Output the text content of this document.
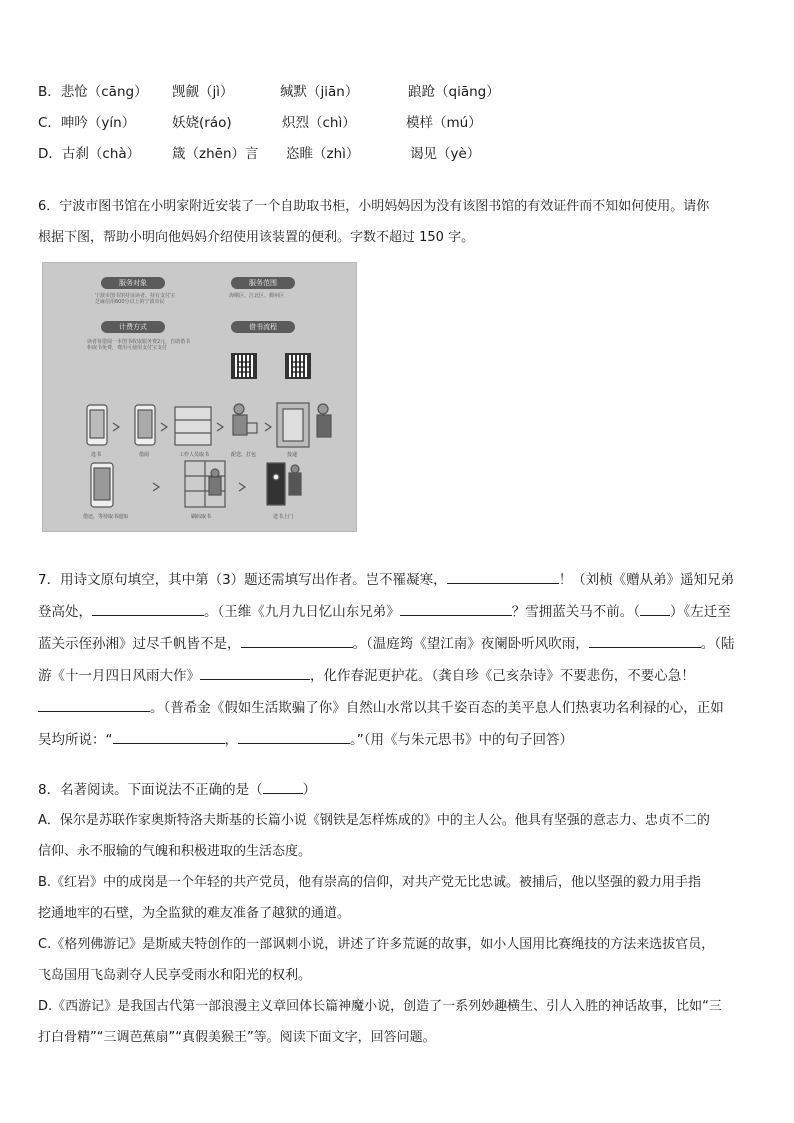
B．悲怆（cāng） 觊觎（jì）	缄默（jiān）	踉跄（qiāng）
C．呻吟（yín）	妖娆(ráo)	炽烈（chì）	模样（mú）
D．古刹（chà） 箴（zhēn）言 恣睢（zhì）	谒见（yè）
6．宁波市图书馆在小明家附近安装了一个自助取书柜，小明妈妈因为没有该图书馆的有效证件而不知如何使用。请你
根据下图，帮助小明向他妈妈介绍使用该装置的便利。字数不超过 150 字。
服务对象	服务范围
宁波市图书馆持证读者、持有支付宝芝麻信用600分以上的宁波市民
海曙区、江北区、鄞州区
计费方式	借书流程
读者每借阅一本图书收取服务费2元，自助借书柜取书免费，费用可使用支付宝支付
选书	借阅	工作人员取书	配送、打包	投递
借还，等待取书通知	刷码取书	送书上门
7．用诗文原句填空，其中第（3）题还需填写出作者。岂不罹凝寒，	！（刘桢《赠从弟》遥知兄弟
登高处，	。（王维《九月九日忆山东兄弟》	？雪拥蓝关马不前。（ ）《左迁至
蓝关示侄孙湘》过尽千帆皆不是，	。（温庭筠《望江南》夜阑卧听风吹雨，	。（陆
游《十一月四日风雨大作》	，化作春泥更护花。（龚自珍《己亥杂诗》不要悲伤，不要心急！
。（普希金《假如生活欺骗了你》自然山水常以其千姿百态的美平息人们热衷功名利禄的心，正如
吴均所说：“	，	。”（用《与朱元思书》中的句子回答）
8．名著阅读。下面说法不正确的是（	）
A．保尔是苏联作家奥斯特洛夫斯基的长篇小说《钢铁是怎样炼成的》中的主人公。他具有坚强的意志力、忠贞不二的
信仰、永不服输的气魄和积极进取的生活态度。
B.《红岩》中的成岗是一个年轻的共产党员，他有崇高的信仰，对共产党无比忠诚。被捕后，他以坚强的毅力用手指
挖通地牢的石壁，为全监狱的难友准备了越狱的通道。
C.《格列佛游记》是斯威夫特创作的一部讽刺小说，讲述了许多荒诞的故事，如小人国用比赛绳技的方法来选拔官员，
飞岛国用飞岛剥夺人民享受雨水和阳光的权利。
D.《西游记》是我国古代第一部浪漫主义章回体长篇神魔小说，创造了一系列妙趣横生、引人入胜的神话故事，比如“三
打白骨精”“三调芭蕉扇”“真假美猴王”等。阅读下面文字，回答问题。
